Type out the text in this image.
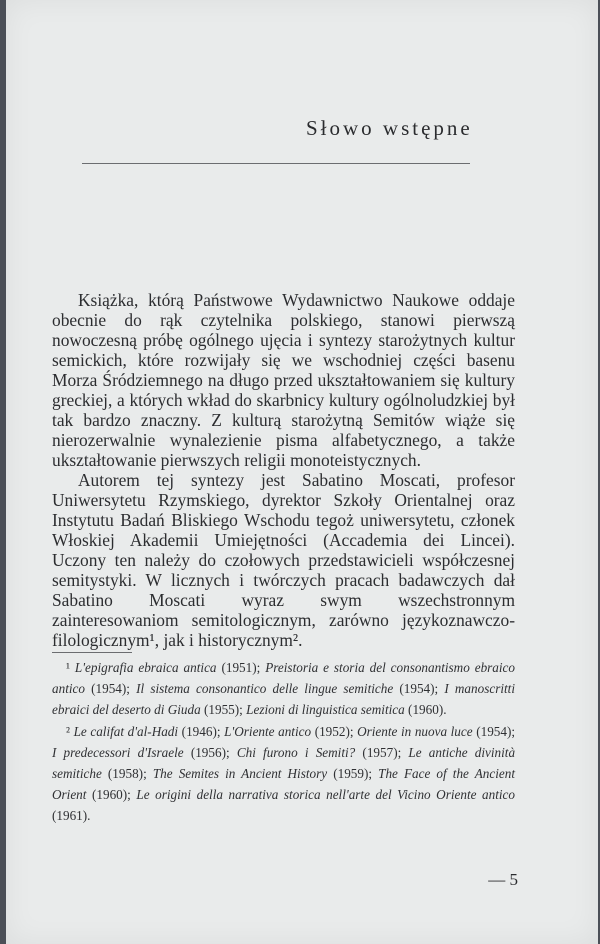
Słowo wstępne

Książka, którą Państwowe Wydawnictwo Naukowe oddaje obecnie do rąk czytelnika polskiego, stanowi pierwszą nowoczesną próbę ogólnego ujęcia i syntezy starożytnych kultur semickich, które rozwijały się we wschodniej części basenu Morza Śródziemnego na długo przed ukształtowaniem się kultury greckiej, a których wkład do skarbnicy kultury ogólnoludzkiej był tak bardzo znaczny. Z kulturą starożytną Semitów wiąże się nierozerwalnie wynalezienie pisma alfabetycznego, a także ukształtowanie pierwszych religii monoteistycznych.

Autorem tej syntezy jest Sabatino Moscati, profesor Uniwersytetu Rzymskiego, dyrektor Szkoły Orientalnej oraz Instytutu Badań Bliskiego Wschodu tegoż uniwersytetu, członek Włoskiej Akademii Umiejętności (Accademia dei Lincei). Uczony ten należy do czołowych przedstawicieli współczesnej semitystyki. W licznych i twórczych pracach badawczych dał Sabatino Moscati wyraz swym wszechstronnym zainteresowaniom semitologicznym, zarówno językoznawczo-filologicznym¹, jak i historycznym².

¹ L'epigrafia ebraica antica (1951); Preistoria e storia del consonantismo ebraico antico (1954); Il sistema consonantico delle lingue semitiche (1954); I manoscritti ebraici del deserto di Giuda (1955); Lezioni di linguistica semitica (1960).

² Le califat d'al-Hadi (1946); L'Oriente antico (1952); Oriente in nuova luce (1954); I predecessori d'Israele (1956); Chi furono i Semiti? (1957); Le antiche divinità semitiche (1958); The Semites in Ancient History (1959); The Face of the Ancient Orient (1960); Le origini della narrativa storica nell'arte del Vicino Oriente antico (1961).

— 5
